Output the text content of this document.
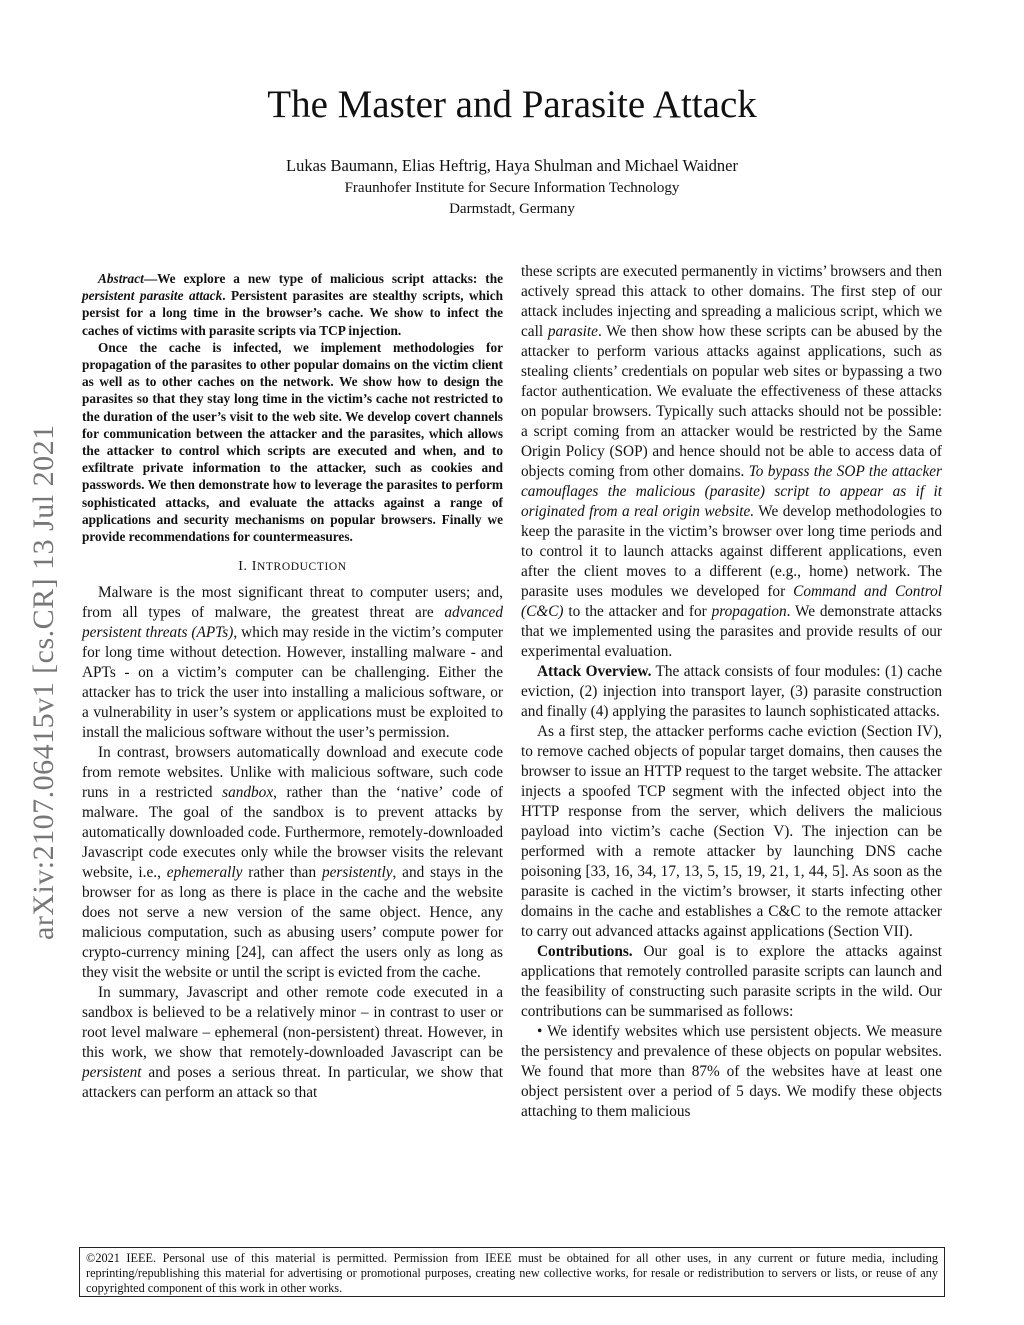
arXiv:2107.06415v1 [cs.CR] 13 Jul 2021
The Master and Parasite Attack
Lukas Baumann, Elias Heftrig, Haya Shulman and Michael Waidner
Fraunhofer Institute for Secure Information Technology
Darmstadt, Germany

Abstract—We explore a new type of malicious script attacks: the persistent parasite attack. Persistent parasites are stealthy scripts, which persist for a long time in the browser’s cache. We show to infect the caches of victims with parasite scripts via TCP injection.

Once the cache is infected, we implement methodologies for propagation of the parasites to other popular domains on the victim client as well as to other caches on the network. We show how to design the parasites so that they stay long time in the victim’s cache not restricted to the duration of the user’s visit to the web site. We develop covert channels for communication between the attacker and the parasites, which allows the attacker to control which scripts are executed and when, and to exfiltrate private information to the attacker, such as cookies and passwords. We then demonstrate how to leverage the parasites to perform sophisticated attacks, and evaluate the attacks against a range of applications and security mechanisms on popular browsers. Finally we provide recommendations for countermeasures.

I. INTRODUCTION

Malware is the most significant threat to computer users; and, from all types of malware, the greatest threat are advanced persistent threats (APTs), which may reside in the victim’s computer for long time without detection. However, installing malware - and APTs - on a victim’s computer can be challenging. Either the attacker has to trick the user into installing a malicious software, or a vulnerability in user’s system or applications must be exploited to install the malicious software without the user’s permission.

In contrast, browsers automatically download and execute code from remote websites. Unlike with malicious software, such code runs in a restricted sandbox, rather than the ‘native’ code of malware. The goal of the sandbox is to prevent attacks by automatically downloaded code. Furthermore, remotely-downloaded Javascript code executes only while the browser visits the relevant website, i.e., ephemerally rather than persistently, and stays in the browser for as long as there is place in the cache and the website does not serve a new version of the same object. Hence, any malicious computation, such as abusing users’ compute power for crypto-currency mining [24], can affect the users only as long as they visit the website or until the script is evicted from the cache.

In summary, Javascript and other remote code executed in a sandbox is believed to be a relatively minor – in contrast to user or root level malware – ephemeral (non-persistent) threat. However, in this work, we show that remotely-downloaded Javascript can be persistent and poses a serious threat. In particular, we show that attackers can perform an attack so that

these scripts are executed permanently in victims’ browsers and then actively spread this attack to other domains. The first step of our attack includes injecting and spreading a malicious script, which we call parasite. We then show how these scripts can be abused by the attacker to perform various attacks against applications, such as stealing clients’ credentials on popular web sites or bypassing a two factor authentication. We evaluate the effectiveness of these attacks on popular browsers. Typically such attacks should not be possible: a script coming from an attacker would be restricted by the Same Origin Policy (SOP) and hence should not be able to access data of objects coming from other domains. To bypass the SOP the attacker camouflages the malicious (parasite) script to appear as if it originated from a real origin website. We develop methodologies to keep the parasite in the victim’s browser over long time periods and to control it to launch attacks against different applications, even after the client moves to a different (e.g., home) network. The parasite uses modules we developed for Command and Control (C&C) to the attacker and for propagation. We demonstrate attacks that we implemented using the parasites and provide results of our experimental evaluation.

Attack Overview. The attack consists of four modules: (1) cache eviction, (2) injection into transport layer, (3) parasite construction and finally (4) applying the parasites to launch sophisticated attacks.

As a first step, the attacker performs cache eviction (Section IV), to remove cached objects of popular target domains, then causes the browser to issue an HTTP request to the target website. The attacker injects a spoofed TCP segment with the infected object into the HTTP response from the server, which delivers the malicious payload into victim’s cache (Section V). The injection can be performed with a remote attacker by launching DNS cache poisoning [33, 16, 34, 17, 13, 5, 15, 19, 21, 1, 44, 5]. As soon as the parasite is cached in the victim’s browser, it starts infecting other domains in the cache and establishes a C&C to the remote attacker to carry out advanced attacks against applications (Section VII).

Contributions. Our goal is to explore the attacks against applications that remotely controlled parasite scripts can launch and the feasibility of constructing such parasite scripts in the wild. Our contributions can be summarised as follows:

• We identify websites which use persistent objects. We measure the persistency and prevalence of these objects on popular websites. We found that more than 87% of the websites have at least one object persistent over a period of 5 days. We modify these objects attaching to them malicious

©2021 IEEE. Personal use of this material is permitted. Permission from IEEE must be obtained for all other uses, in any current or future media, including reprinting/republishing this material for advertising or promotional purposes, creating new collective works, for resale or redistribution to servers or lists, or reuse of any copyrighted component of this work in other works.
